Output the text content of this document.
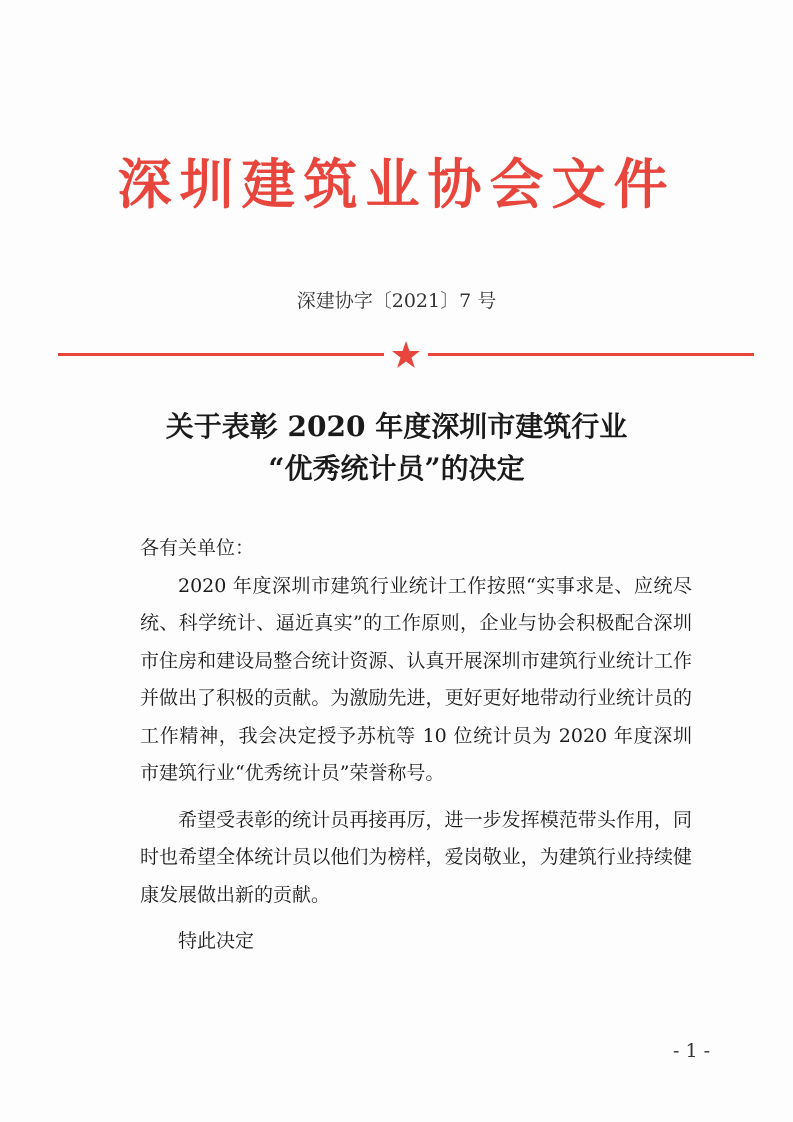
深圳建筑业协会文件
深建协字〔2021〕7 号
关于表彰 2020 年度深圳市建筑行业
“优秀统计员”的决定

各有关单位：

2020 年度深圳市建筑行业统计工作按照“实事求是、应统尽统、科学统计、逼近真实”的工作原则，企业与协会积极配合深圳市住房和建设局整合统计资源、认真开展深圳市建筑行业统计工作并做出了积极的贡献。为激励先进，更好更好地带动行业统计员的工作精神，我会决定授予苏杭等 10 位统计员为 2020 年度深圳市建筑行业“优秀统计员”荣誉称号。

希望受表彰的统计员再接再厉，进一步发挥模范带头作用，同时也希望全体统计员以他们为榜样，爱岗敬业，为建筑行业持续健康发展做出新的贡献。

特此决定

- 1 -
